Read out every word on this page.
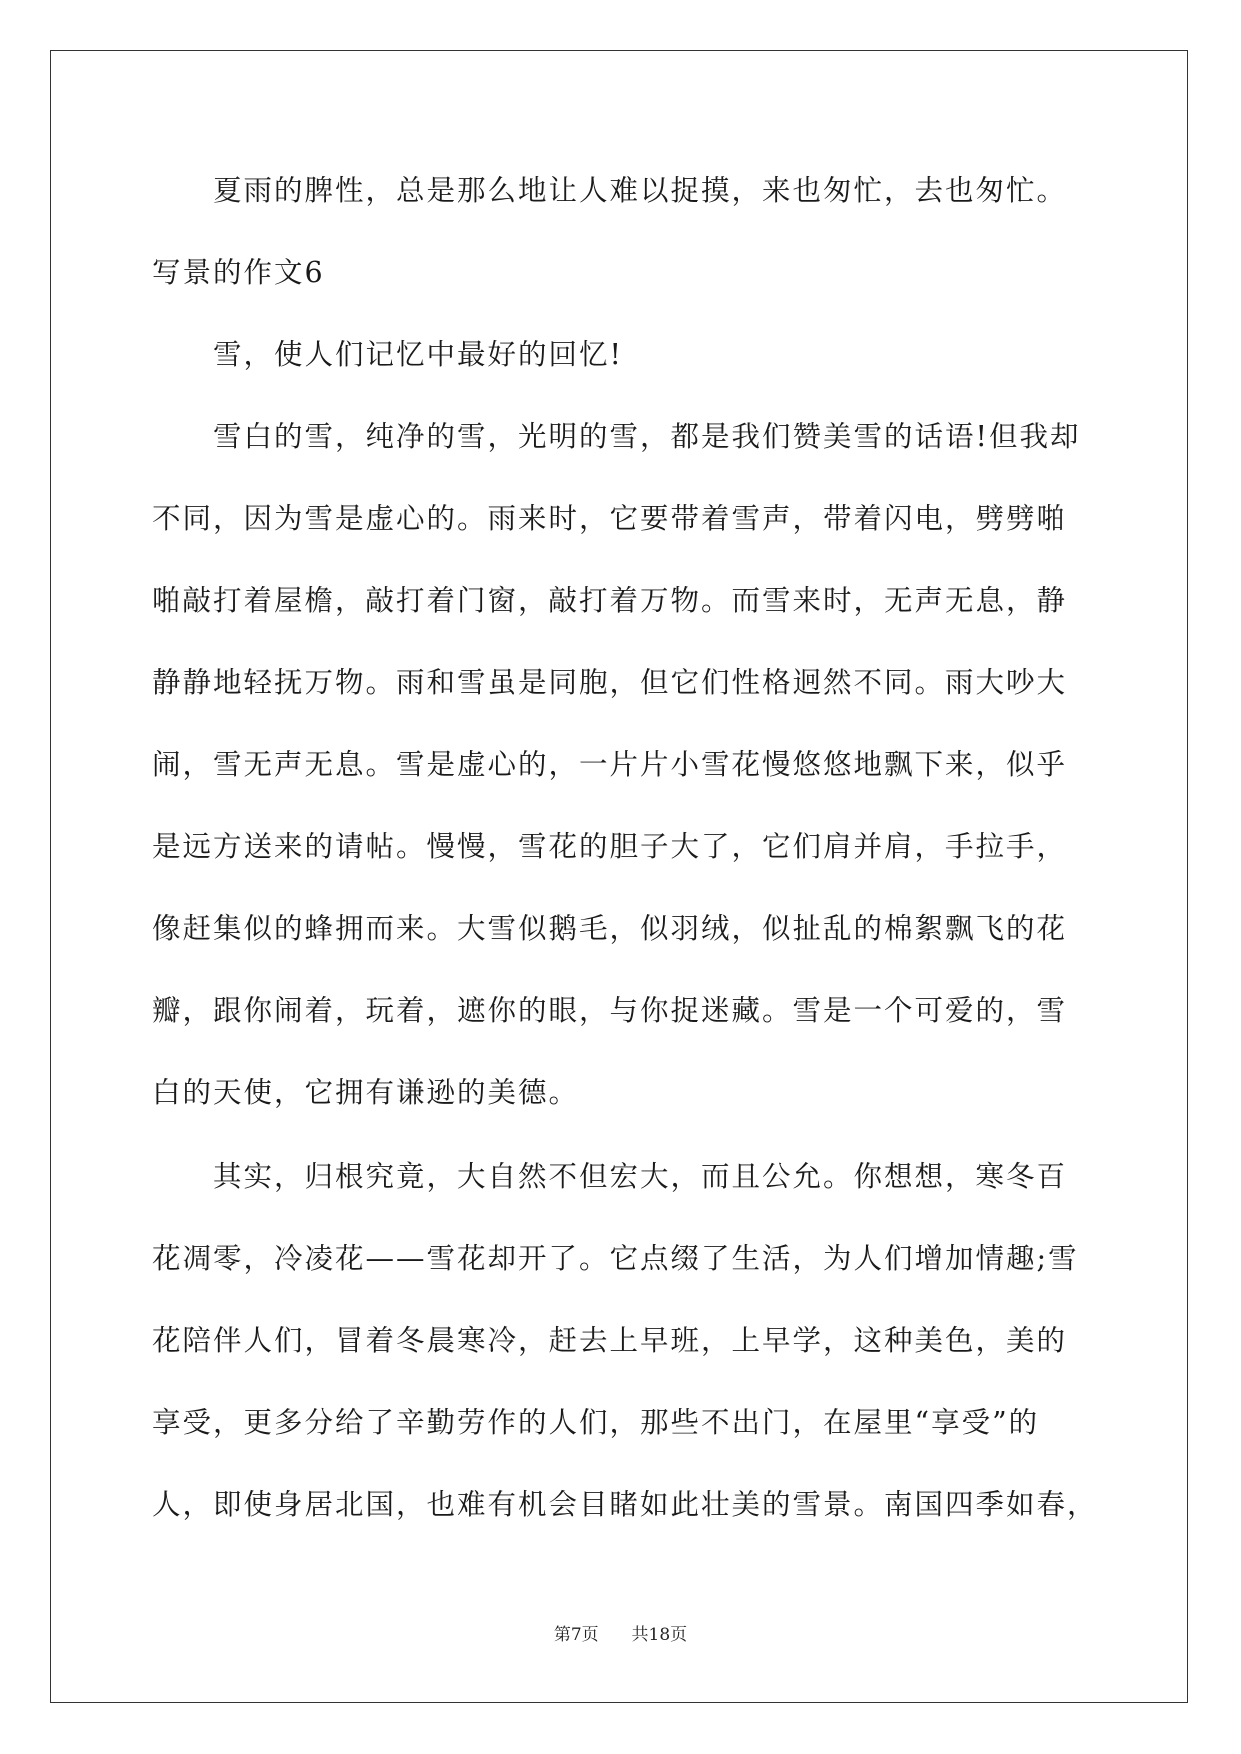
夏雨的脾性，总是那么地让人难以捉摸，来也匆忙，去也匆忙。
写景的作文6
雪，使人们记忆中最好的回忆!
雪白的雪，纯净的雪，光明的雪，都是我们赞美雪的话语!但我却
不同，因为雪是虚心的。雨来时，它要带着雪声，带着闪电，劈劈啪
啪敲打着屋檐，敲打着门窗，敲打着万物。而雪来时，无声无息，静
静静地轻抚万物。雨和雪虽是同胞，但它们性格迥然不同。雨大吵大
闹，雪无声无息。雪是虚心的，一片片小雪花慢悠悠地飘下来，似乎
是远方送来的请帖。慢慢，雪花的胆子大了，它们肩并肩，手拉手，
像赶集似的蜂拥而来。大雪似鹅毛，似羽绒，似扯乱的棉絮飘飞的花
瓣，跟你闹着，玩着，遮你的眼，与你捉迷藏。雪是一个可爱的，雪
白的天使，它拥有谦逊的美德。
其实，归根究竟，大自然不但宏大，而且公允。你想想，寒冬百
花凋零，冷凌花——雪花却开了。它点缀了生活，为人们增加情趣;雪
花陪伴人们，冒着冬晨寒冷，赶去上早班，上早学，这种美色，美的
享受，更多分给了辛勤劳作的人们，那些不出门，在屋里“享受”的
人，即使身居北国，也难有机会目睹如此壮美的雪景。南国四季如春，
第7页 共18页
